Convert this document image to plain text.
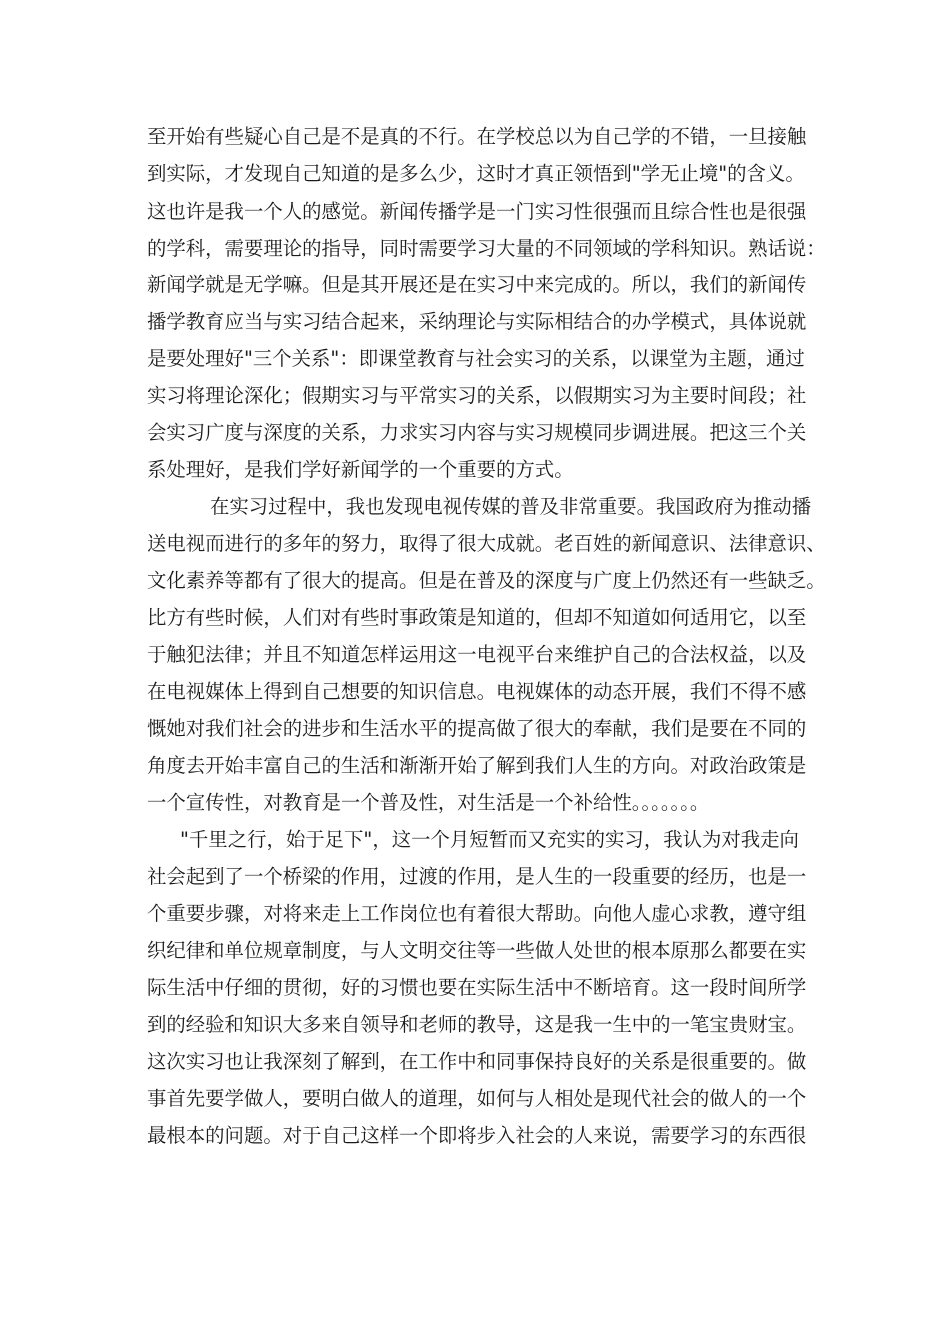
至开始有些疑心自己是不是真的不行。在学校总以为自己学的不错，一旦接触
到实际，才发现自己知道的是多么少，这时才真正领悟到"学无止境"的含义。
这也许是我一个人的感觉。新闻传播学是一门实习性很强而且综合性也是很强
的学科，需要理论的指导，同时需要学习大量的不同领域的学科知识。熟话说：
新闻学就是无学嘛。但是其开展还是在实习中来完成的。所以，我们的新闻传
播学教育应当与实习结合起来，采纳理论与实际相结合的办学模式，具体说就
是要处理好"三个关系"：即课堂教育与社会实习的关系，以课堂为主题，通过
实习将理论深化；假期实习与平常实习的关系，以假期实习为主要时间段；社
会实习广度与深度的关系，力求实习内容与实习规模同步调进展。把这三个关
系处理好，是我们学好新闻学的一个重要的方式。
在实习过程中，我也发现电视传媒的普及非常重要。我国政府为推动播
送电视而进行的多年的努力，取得了很大成就。老百姓的新闻意识、法律意识、
文化素养等都有了很大的提高。但是在普及的深度与广度上仍然还有一些缺乏。
比方有些时候，人们对有些时事政策是知道的，但却不知道如何适用它，以至
于触犯法律；并且不知道怎样运用这一电视平台来维护自己的合法权益，以及
在电视媒体上得到自己想要的知识信息。电视媒体的动态开展，我们不得不感
慨她对我们社会的进步和生活水平的提高做了很大的奉献，我们是要在不同的
角度去开始丰富自己的生活和渐渐开始了解到我们人生的方向。对政治政策是
一个宣传性，对教育是一个普及性，对生活是一个补给性。。。。。。。
"千里之行，始于足下"，这一个月短暂而又充实的实习，我认为对我走向
社会起到了一个桥梁的作用，过渡的作用，是人生的一段重要的经历，也是一
个重要步骤，对将来走上工作岗位也有着很大帮助。向他人虚心求教，遵守组
织纪律和单位规章制度，与人文明交往等一些做人处世的根本原那么都要在实
际生活中仔细的贯彻，好的习惯也要在实际生活中不断培育。这一段时间所学
到的经验和知识大多来自领导和老师的教导，这是我一生中的一笔宝贵财宝。
这次实习也让我深刻了解到，在工作中和同事保持良好的关系是很重要的。做
事首先要学做人，要明白做人的道理，如何与人相处是现代社会的做人的一个
最根本的问题。对于自己这样一个即将步入社会的人来说，需要学习的东西很
